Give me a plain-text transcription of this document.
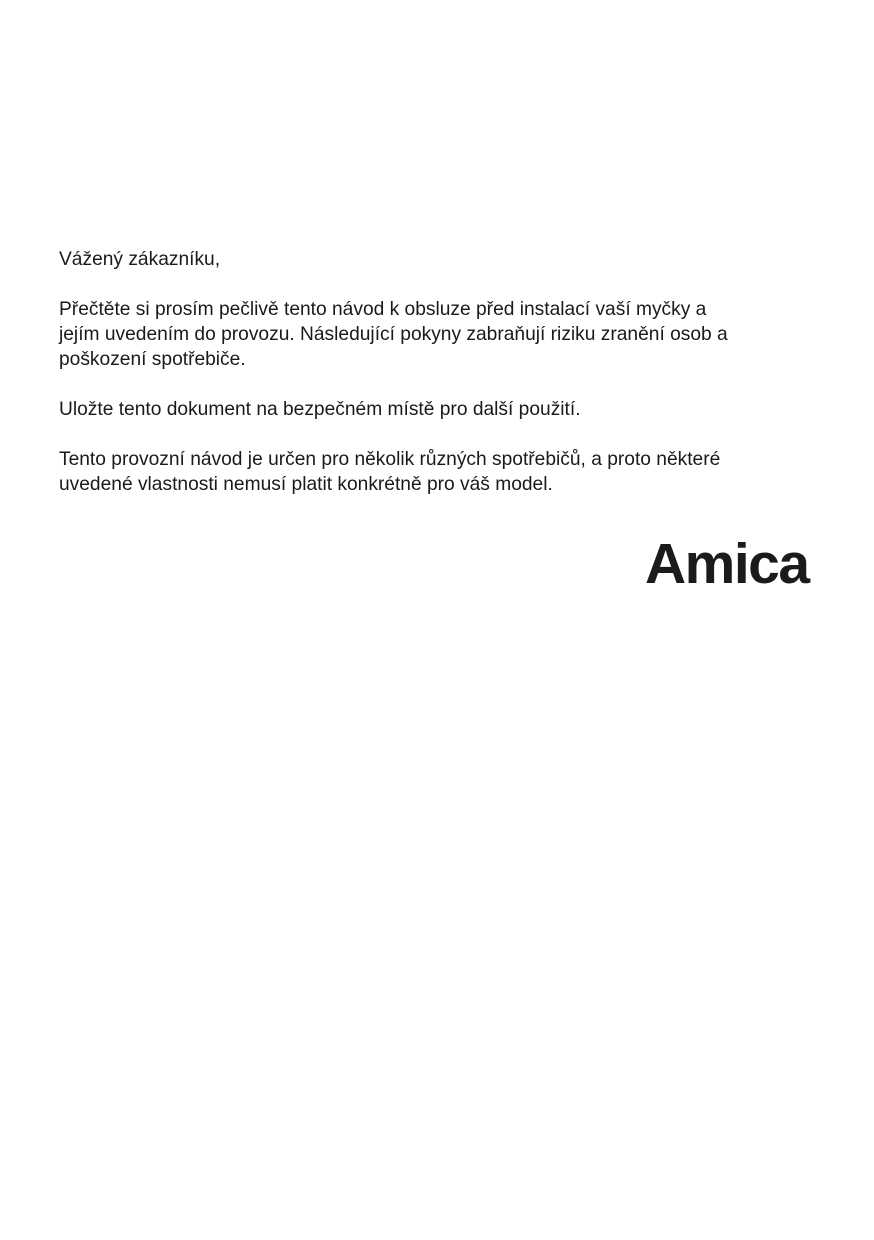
Vážený zákazníku,

Přečtěte si prosím pečlivě tento návod k obsluze před instalací vaší myčky a
jejím uvedením do provozu. Následující pokyny zabraňují riziku zranění osob a
poškození spotřebiče.

Uložte tento dokument na bezpečném místě pro další použití.

Tento provozní návod je určen pro několik různých spotřebičů, a proto některé
uvedené vlastnosti nemusí platit konkrétně pro váš model.

Amica
